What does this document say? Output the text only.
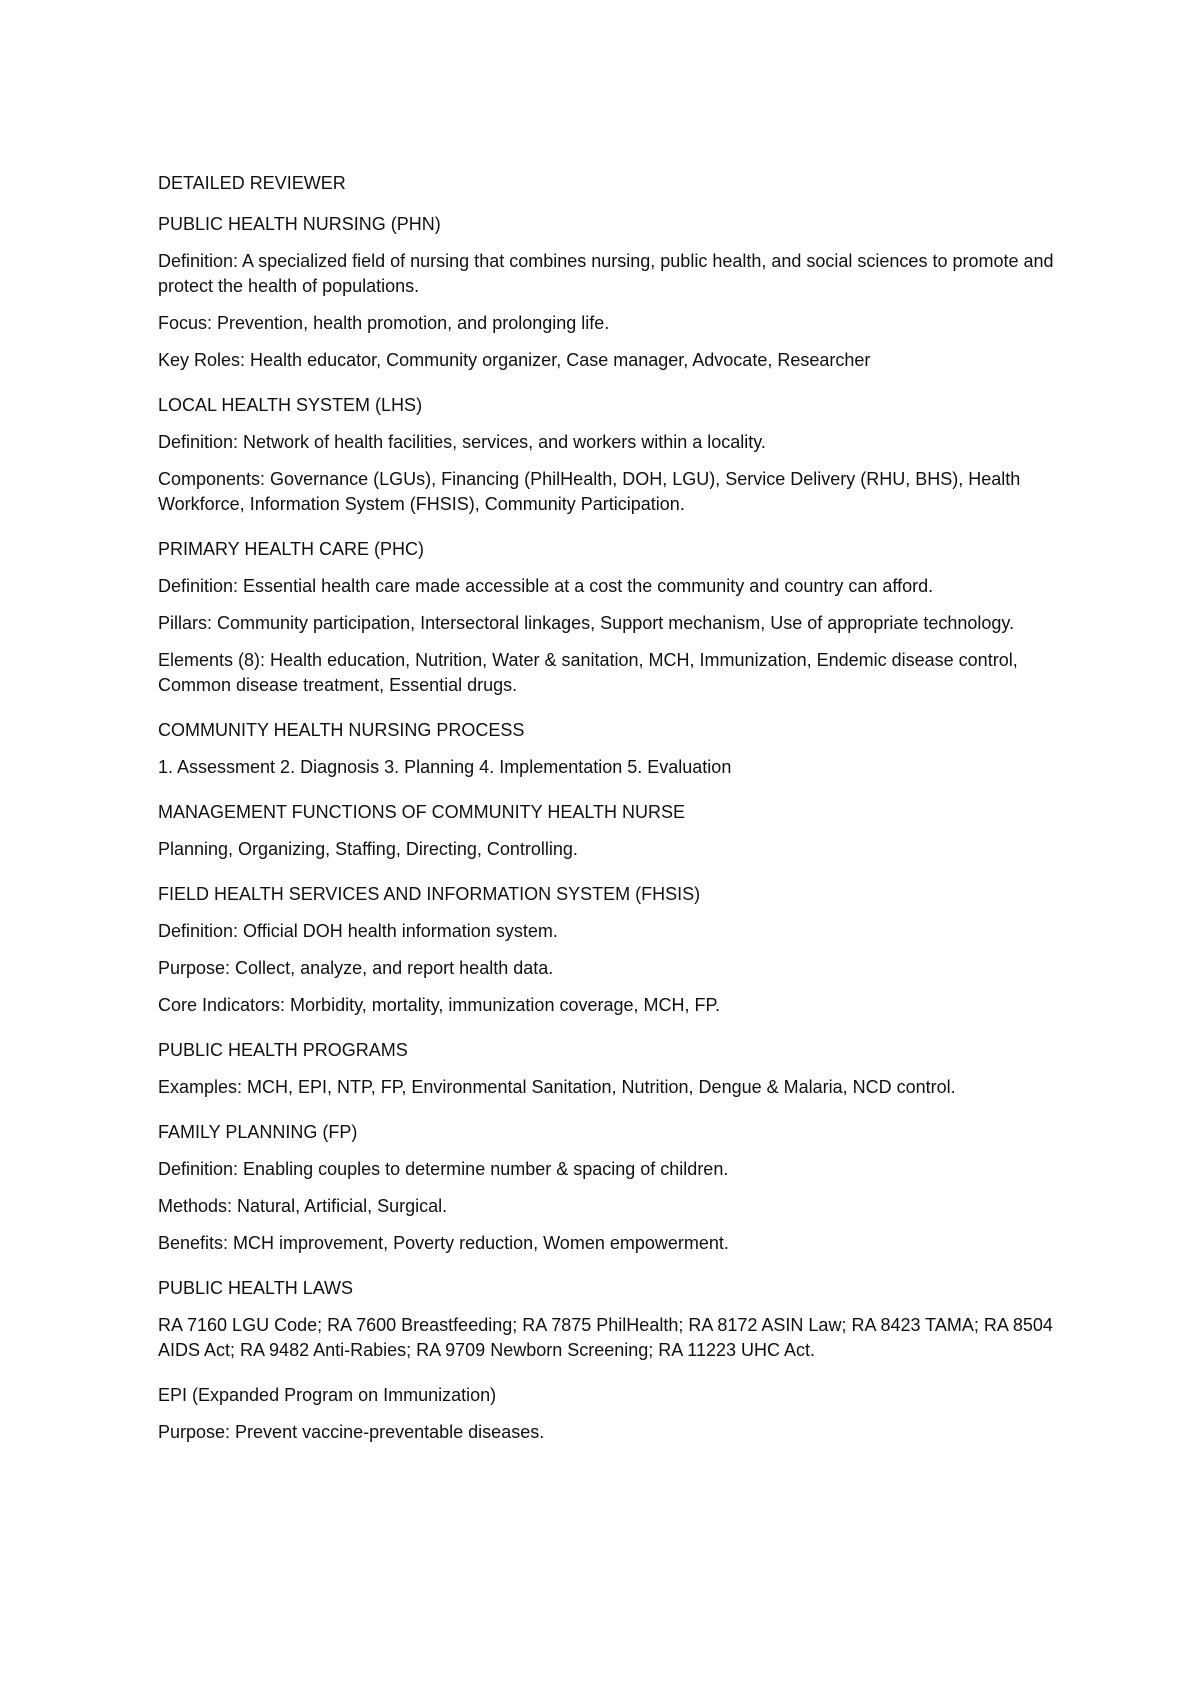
DETAILED REVIEWER
PUBLIC HEALTH NURSING (PHN)

Definition: A specialized field of nursing that combines nursing, public health, and social sciences to promote and protect the health of populations.

Focus: Prevention, health promotion, and prolonging life.

Key Roles: Health educator, Community organizer, Case manager, Advocate, Researcher

LOCAL HEALTH SYSTEM (LHS)

Definition: Network of health facilities, services, and workers within a locality.

Components: Governance (LGUs), Financing (PhilHealth, DOH, LGU), Service Delivery (RHU, BHS), Health Workforce, Information System (FHSIS), Community Participation.

PRIMARY HEALTH CARE (PHC)

Definition: Essential health care made accessible at a cost the community and country can afford.

Pillars: Community participation, Intersectoral linkages, Support mechanism, Use of appropriate technology.

Elements (8): Health education, Nutrition, Water & sanitation, MCH, Immunization, Endemic disease control, Common disease treatment, Essential drugs.

COMMUNITY HEALTH NURSING PROCESS

1. Assessment 2. Diagnosis 3. Planning 4. Implementation 5. Evaluation

MANAGEMENT FUNCTIONS OF COMMUNITY HEALTH NURSE

Planning, Organizing, Staffing, Directing, Controlling.

FIELD HEALTH SERVICES AND INFORMATION SYSTEM (FHSIS)

Definition: Official DOH health information system.

Purpose: Collect, analyze, and report health data.

Core Indicators: Morbidity, mortality, immunization coverage, MCH, FP.

PUBLIC HEALTH PROGRAMS

Examples: MCH, EPI, NTP, FP, Environmental Sanitation, Nutrition, Dengue & Malaria, NCD control.

FAMILY PLANNING (FP)

Definition: Enabling couples to determine number & spacing of children.

Methods: Natural, Artificial, Surgical.

Benefits: MCH improvement, Poverty reduction, Women empowerment.

PUBLIC HEALTH LAWS

RA 7160 LGU Code; RA 7600 Breastfeeding; RA 7875 PhilHealth; RA 8172 ASIN Law; RA 8423 TAMA; RA 8504 AIDS Act; RA 9482 Anti-Rabies; RA 9709 Newborn Screening; RA 11223 UHC Act.

EPI (Expanded Program on Immunization)

Purpose: Prevent vaccine-preventable diseases.
